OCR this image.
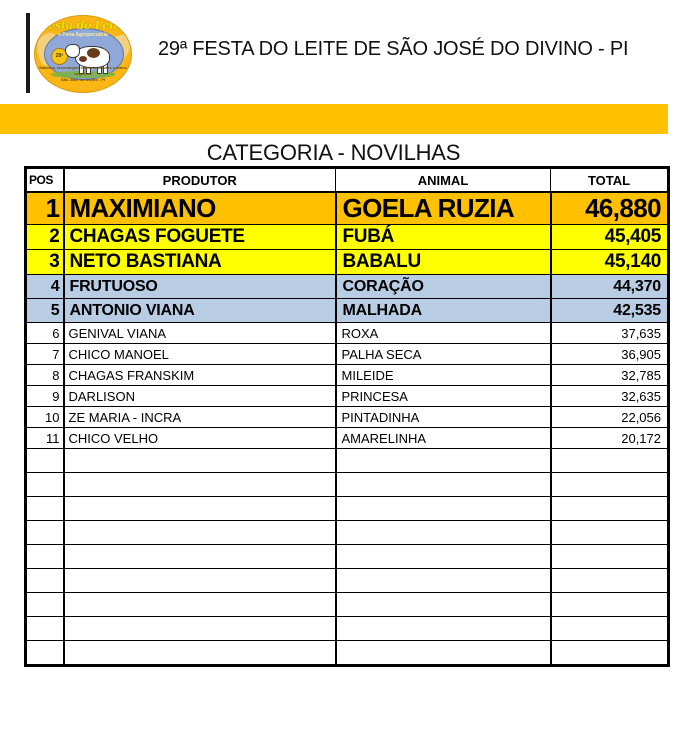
Festa do Leite
e Feira Agropecuária
29ª
Sabores, tecnologias e oportunidades a todos negócios
São José do Divino - PI
29ª FESTA DO LEITE DE SÃO JOSÉ DO DIVINO - PI
CATEGORIA - NOVILHAS
POS	PRODUTOR	ANIMAL	TOTAL
1	MAXIMIANO	GOELA RUZIA	46,880
2	CHAGAS FOGUETE	FUBÁ	45,405
3	NETO BASTIANA	BABALU	45,140
4	FRUTUOSO	CORAÇÃO	44,370
5	ANTONIO VIANA	MALHADA	42,535
6	GENIVAL VIANA	ROXA	37,635
7	CHICO MANOEL	PALHA SECA	36,905
8	CHAGAS FRANSKIM	MILEIDE	32,785
9	DARLISON	PRINCESA	32,635
10	ZE MARIA - INCRA	PINTADINHA	22,056
11	CHICO VELHO	AMARELINHA	20,172
